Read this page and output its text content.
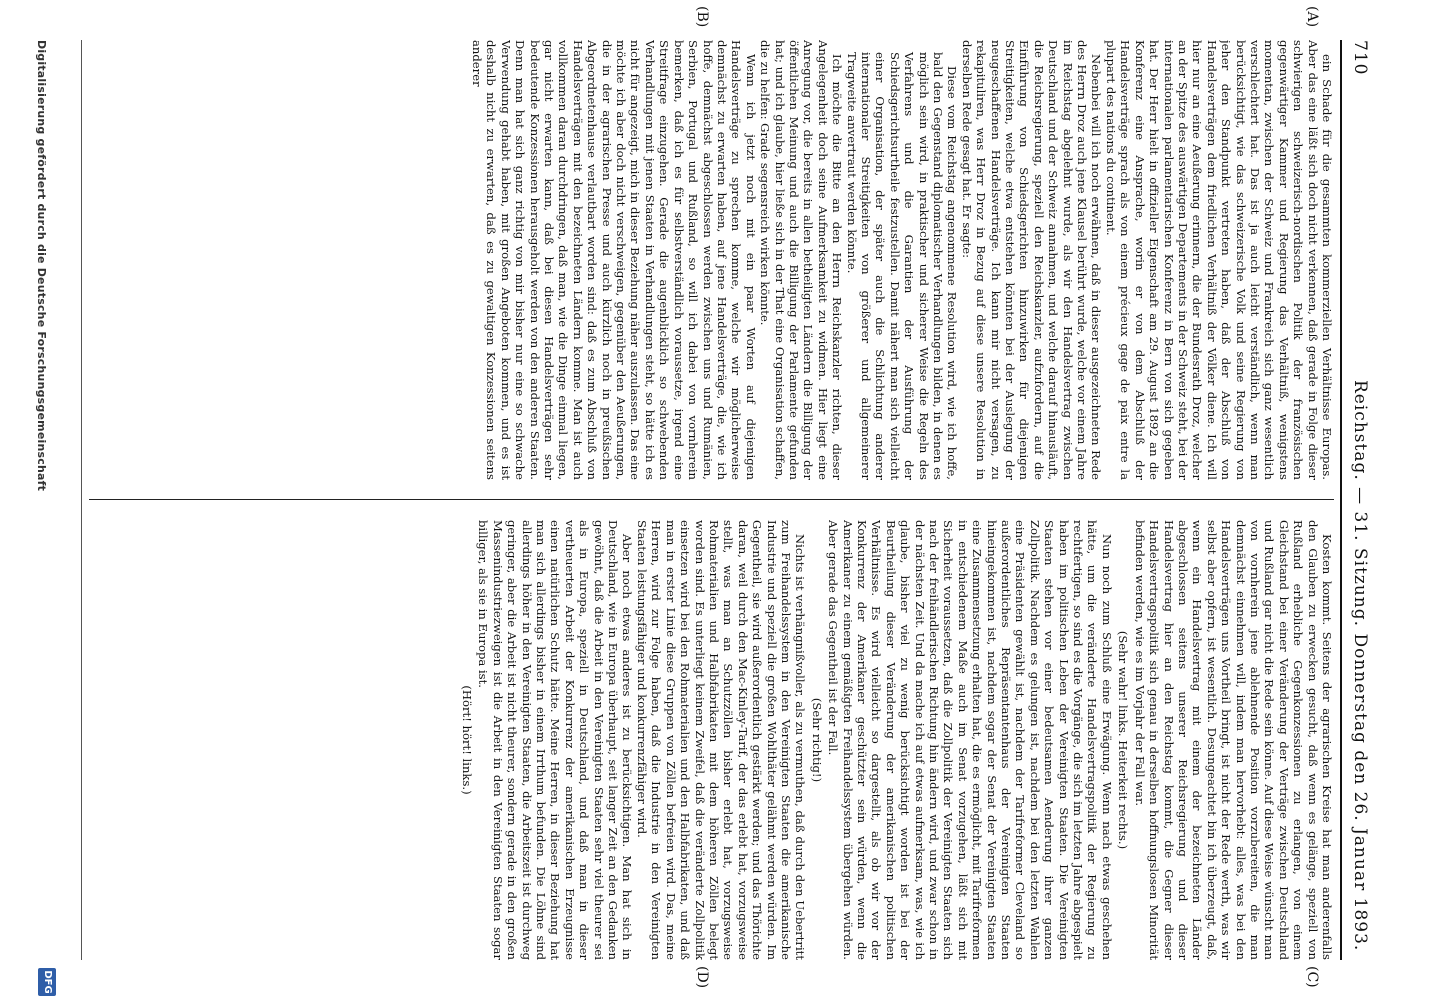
710
Reichstag. — 31. Sitzung. Donnerstag den 26. Januar 1893.
(A)
(B)
(C)
(D)

ein Schade für die gesammten kommerziellen Verhältnisse Europas. Aber das eine läßt sich doch nicht verkennen, daß gerade in Folge dieser schwierigen schweizerisch-nordischen Politik der französischen gegenwärtiger Kammer und Regierung das Verhältniß, wenigstens momentan, zwischen der Schweiz und Frankreich sich ganz wesentlich verschlechtert hat. Das ist ja auch leicht verständlich, wenn man berücksichtigt, wie das schweizerische Volk und seine Regierung von jeher den Standpunkt vertreten haben, daß der Abschluß von Handelsverträgen dem friedlichen Verhältniß der Völker diene. Ich will hier nur an eine Aeußerung erinnern, die der Bundesrath Droz, welcher an der Spitze des auswärtigen Departements in der Schweiz steht, bei der internationalen parlamentarischen Konferenz in Bern von sich gegeben hat. Der Herr hielt in offizieller Eigenschaft am 29. August 1892 an die Konferenz eine Ansprache, worin er von dem Abschluß der Handelsverträge sprach als von einem précieux gage de paix entre la plupart des nations du continent.

Nebenbei will ich noch erwähnen, daß in dieser ausgezeichneten Rede des Herrn Droz auch jene Klausel berührt wurde, welche vor einem Jahre im Reichstag abgelehnt wurde, als wir den Handelsvertrag zwischen Deutschland und der Schweiz annahmen, und welche darauf hinausläuft, die Reichsregierung, speziell den Reichskanzler, aufzufordern, auf die Einführung von Schiedsgerichten hinzuwirken für diejenigen Streitigkeiten, welche etwa entstehen könnten bei der Auslegung der neugeschaffenen Handelsverträge. Ich kann mir nicht versagen, zu rekapituliren, was Herr Droz in Bezug auf diese unsere Resolution in derselben Rede gesagt hat. Er sagte:

Diese vom Reichstag angenommene Resolution wird, wie ich hoffe, bald den Gegenstand diplomatischer Verhandlungen bilden, in denen es möglich sein wird, in praktischer und sicherer Weise die Regeln des Verfahrens und die Garantien der Ausführung der Schiedsgerichtsurtheile festzustellen. Damit nähert man sich vielleicht einer Organisation, der später auch die Schlichtung anderer internationaler Streitigkeiten von größerer und allgemeinerer Tragweite anvertraut werden könnte.

Ich möchte die Bitte an den Herrn Reichskanzler richten, dieser Angelegenheit doch seine Aufmerksamkeit zu widmen. Hier liegt eine Anregung vor, die bereits in allen betheiligten Ländern die Billigung der öffentlichen Meinung und auch die Billigung der Parlamente gefunden hat; und ich glaube, hier ließe sich in der That eine Organisation schaffen, die zu helfen: Grade segensreich wirken könnte.

Wenn ich jetzt noch mit ein paar Worten auf diejenigen Handelsverträge zu sprechen komme, welche wir möglicherweise demnächst zu erwarten haben, auf jene Handelsverträge, die, wie ich hoffe, demnächst abgeschlossen werden zwischen uns und Rumänien, Serbien, Portugal und Rußland, so will ich dabei von vornherein bemerken, daß ich es für selbstverständlich voraussetze, irgend eine Streitfrage einzugehen. Gerade die augenblicklich so schwebenden Verhandlungen mit jenen Staaten in Verhandlungen steht, so hätte ich es nicht für angezeigt, mich in dieser Beziehung näher auszulassen. Das eine möchte ich aber doch nicht verschweigen, gegenüber den Aeußerungen, die in der agrarischen Presse und auch kürzlich noch in preußischen Abgeordnetenhause verlautbart worden sind: daß es zum Abschluß von Handelsverträgen mit den bezeichneten Ländern komme. Man ist auch vollkommen daran durchdringen, daß man, wie die Dinge einmal liegen, gar nicht erwarten kann, daß bei diesen Handelsverträgen sehr bedeutende Konzessionen herausgeholt werden von den anderen Staaten. Denn man hat sich ganz richtig von mir bisher nur eine so schwache Verwendung gehabt haben, mit großen Angeboten kommen, und es ist deshalb nicht zu erwarten, daß es zu gewaltigen Konzessionen seitens anderer

Kosten kommt. Seitens der agrarischen Kreise hat man anderenfalls den Glauben zu erwecken gesucht, daß wenn es gelänge, speziell von Rußland erhebliche Gegenkonzessionen zu erlangen, von einem Gleichstand bei einer Veränderung der Verträge zwischen Deutschland und Rußland gar nicht die Rede sein könne. Auf diese Weise wünscht man von vornherein jene ablehnende Position vorzubereiten, die man demnächst einnehmen will, indem man hervorhebt: alles, was bei den Handelsverträgen uns Vortheil bringt, ist nicht der Rede werth, was wir selbst aber opfern, ist wesentlich. Desungeachtet bin ich überzeugt, daß, wenn ein Handelsvertrag mit einem der bezeichneten Länder abgeschlossen seitens unserer Reichsregierung und dieser Handelsvertrag hier an den Reichstag kommt, die Gegner dieser Handelsvertragspolitik sich genau in derselben hoffnungslosen Minorität befinden werden, wie es im Vorjahr der Fall war.

(Sehr wahr! links. Heiterkeit rechts.)

Nun noch zum Schluß eine Erwägung. Wenn nach etwas geschehen hätte, um die veränderte Handelsvertragspolitik der Regierung zu rechtfertigen, so sind es die Vorgänge, die sich im letzten Jahre abgespielt haben im politischen Leben der Vereinigten Staaten. Die Vereinigten Staaten stehen vor einer bedeutsamen Aenderung ihrer ganzen Zollpolitik. Nachdem es gelungen ist, nachdem bei den letzten Wahlen eine Präsidenten gewählt ist, nachdem der Tarifreformer Cleveland so außerordentliches Repräsentantenhaus der Vereinigten Staaten hineingekommen ist, nachdem sogar der Senat der Vereinigten Staaten eine Zusammensetzung erhalten hat, die es ermöglicht, mit Tarifreformen in entschiedenem Maße auch im Senat vorzugehen, läßt sich mit Sicherheit voraussetzen, daß die Zollpolitik der Vereinigten Staaten sich nach der freihändlerischen Richtung hin ändern wird, und zwar schon in der nächsten Zeit. Und da mache ich auf etwas aufmerksam, was, wie ich glaube, bisher viel zu wenig berücksichtigt worden ist bei der Beurtheilung dieser Veränderung der amerikanischen politischen Verhältnisse. Es wird vielleicht so dargestellt, als ob wir vor der Konkurrenz der Amerikaner geschützter sein würden, wenn die Amerikaner zu einem gemäßigten Freihandelssystem übergehen würden. Aber gerade das Gegentheil ist der Fall.

(Sehr richtig!)

Nichts ist verhängnißvoller, als zu vermuthen, daß durch den Uebertritt zum Freihandelssystem in den Vereinigten Staaten die amerikanische Industrie und speziell die großen Wohlthäter gelähmt werden würden. Im Gegentheil, sie wird außerordentlich gestärkt werden; und das Thörichte daran, weil durch den Mac-Kinley-Tarif, der das erlebt hat, vorzugsweise stellt, was man an Schutzzöllen bisher erlebt hat, vorzugsweise Rohmaterialien und Halbfabrikaten mit dem höheren Zöllen belegt worden sind. Es unterliegt keinem Zweifel, daß die veränderte Zollpolitik einsetzen wird bei den Rohmaterialien und den Halbfabrikaten, und daß man in erster Linie diese Gruppen von Zöllen befreien wird. Das, meine Herren, wird zur Folge haben, daß die Industrie in den Vereinigten Staaten leistungsfähiger und konkurrenzfähiger wird.

Aber noch etwas anderes ist zu berücksichtigen. Man hat sich in Deutschland, wie in Europa überhaupt, seit langer Zeit an den Gedanken gewöhnt, daß die Arbeit in den Vereinigten Staaten sehr viel theurer sei als in Europa, speziell in Deutschland, und daß man in dieser vertheuerten Arbeit der Konkurrenz der amerikanischen Erzeugnisse einen natürlichen Schutz hätte. Meine Herren, in dieser Beziehung hat man sich allerdings bisher in einem Irrthum befunden. Die Löhne sind allerdings höher in den Vereinigten Staaten, die Arbeitszeit ist durchweg geringer, aber die Arbeit ist nicht theurer, sondern gerade in den großen Massenindustriezweigen ist die Arbeit in den Vereinigten Staaten sogar billiger, als sie in Europa ist.

(Hört! hört! links.)

Digitalisierung gefördert durch die Deutsche Forschungsgemeinschaft
DFG
